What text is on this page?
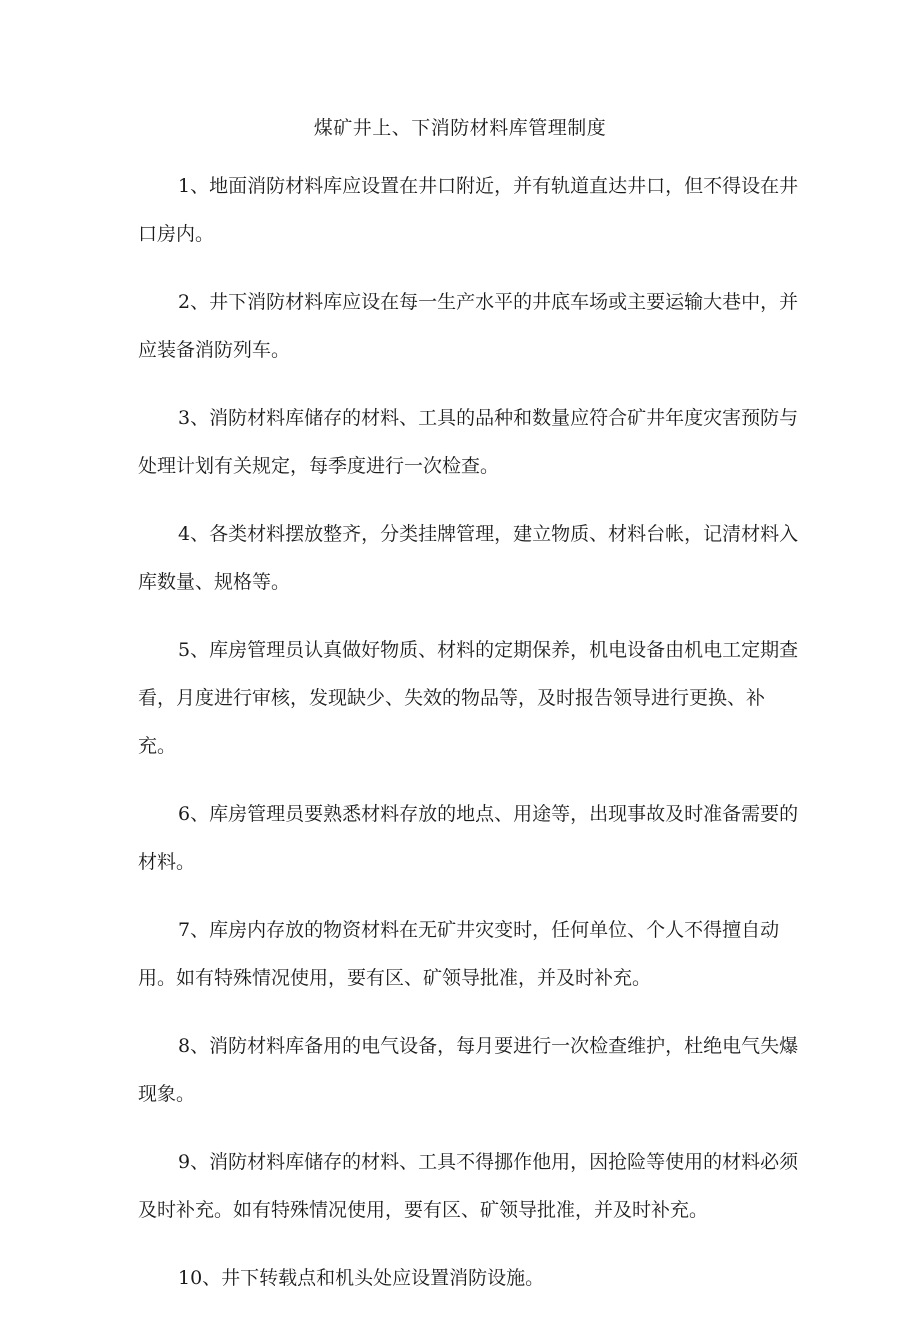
煤矿井上、下消防材料库管理制度

1、地面消防材料库应设置在井口附近，并有轨道直达井口，但不得设在井口房内。

2、井下消防材料库应设在每一生产水平的井底车场或主要运输大巷中，并应装备消防列车。

3、消防材料库储存的材料、工具的品种和数量应符合矿井年度灾害预防与处理计划有关规定，每季度进行一次检查。

4、各类材料摆放整齐，分类挂牌管理，建立物质、材料台帐，记清材料入库数量、规格等。

5、库房管理员认真做好物质、材料的定期保养，机电设备由机电工定期查看，月度进行审核，发现缺少、失效的物品等，及时报告领导进行更换、补充。

6、库房管理员要熟悉材料存放的地点、用途等，出现事故及时准备需要的材料。

7、库房内存放的物资材料在无矿井灾变时，任何单位、个人不得擅自动用。如有特殊情况使用，要有区、矿领导批准，并及时补充。

8、消防材料库备用的电气设备，每月要进行一次检查维护，杜绝电气失爆现象。

9、消防材料库储存的材料、工具不得挪作他用，因抢险等使用的材料必须及时补充。如有特殊情况使用，要有区、矿领导批准，并及时补充。

10、井下转载点和机头处应设置消防设施。
